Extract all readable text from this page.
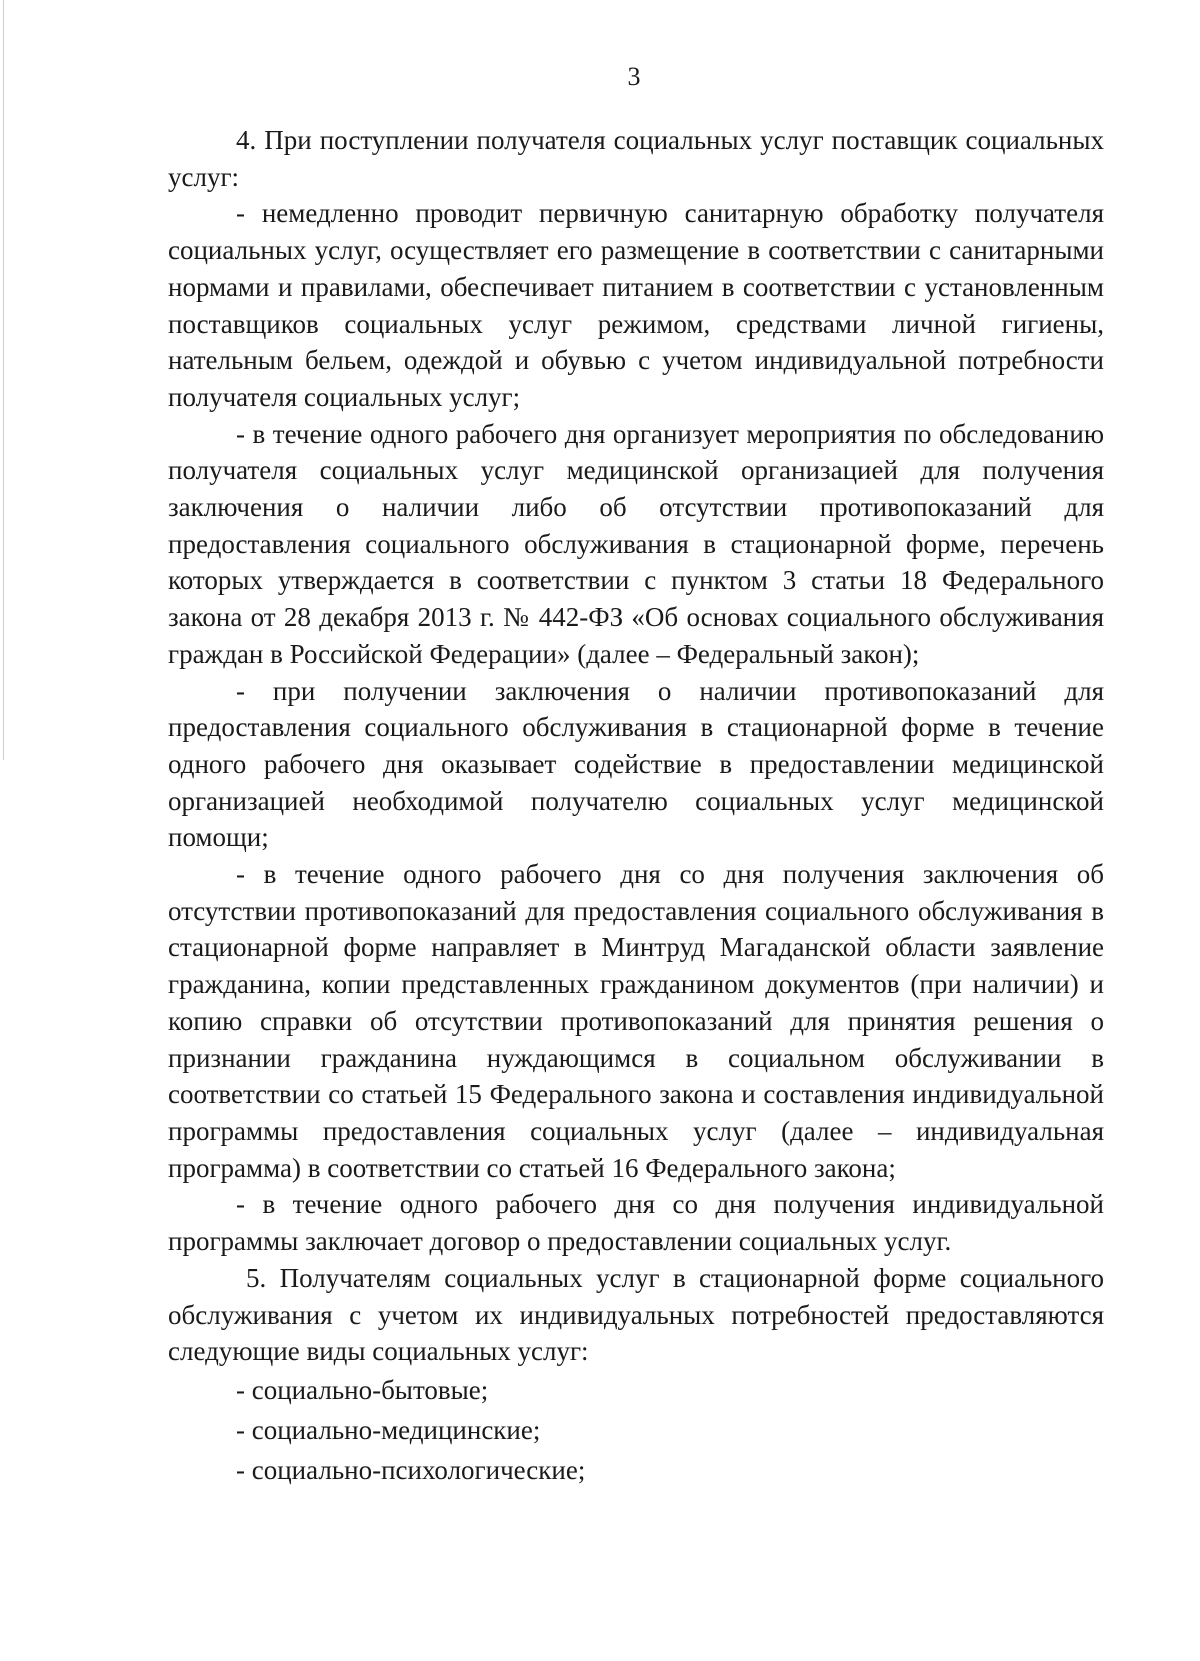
3

4. При поступлении получателя социальных услуг поставщик социальных услуг:

- немедленно проводит первичную санитарную обработку получателя социальных услуг, осуществляет его размещение в соответствии с санитарными нормами и правилами, обеспечивает питанием в соответствии с установленным поставщиков социальных услуг режимом, средствами личной гигиены, нательным бельем, одеждой и обувью с учетом индивидуальной потребности получателя социальных услуг;

- в течение одного рабочего дня организует мероприятия по обследованию получателя социальных услуг медицинской организацией для получения заключения о наличии либо об отсутствии противопоказаний для предоставления социального обслуживания в стационарной форме, перечень которых утверждается в соответствии с пунктом 3 статьи 18 Федерального закона от 28 декабря 2013 г. № 442-ФЗ «Об основах социального обслуживания граждан в Российской Федерации» (далее – Федеральный закон);

- при получении заключения о наличии противопоказаний для предоставления социального обслуживания в стационарной форме в течение одного рабочего дня оказывает содействие в предоставлении медицинской организацией необходимой получателю социальных услуг медицинской помощи;

- в течение одного рабочего дня со дня получения заключения об отсутствии противопоказаний для предоставления социального обслуживания в стационарной форме направляет в Минтруд Магаданской области заявление гражданина, копии представленных гражданином документов (при наличии) и копию справки об отсутствии противопоказаний для принятия решения о признании гражданина нуждающимся в социальном обслуживании в соответствии со статьей 15 Федерального закона и составления индивидуальной программы предоставления социальных услуг (далее – индивидуальная программа) в соответствии со статьей 16 Федерального закона;

- в течение одного рабочего дня со дня получения индивидуальной программы заключает договор о предоставлении социальных услуг.

5. Получателям социальных услуг в стационарной форме социального обслуживания с учетом их индивидуальных потребностей предоставляются следующие виды социальных услуг:

- социально-бытовые;

- социально-медицинские;

- социально-психологические;
